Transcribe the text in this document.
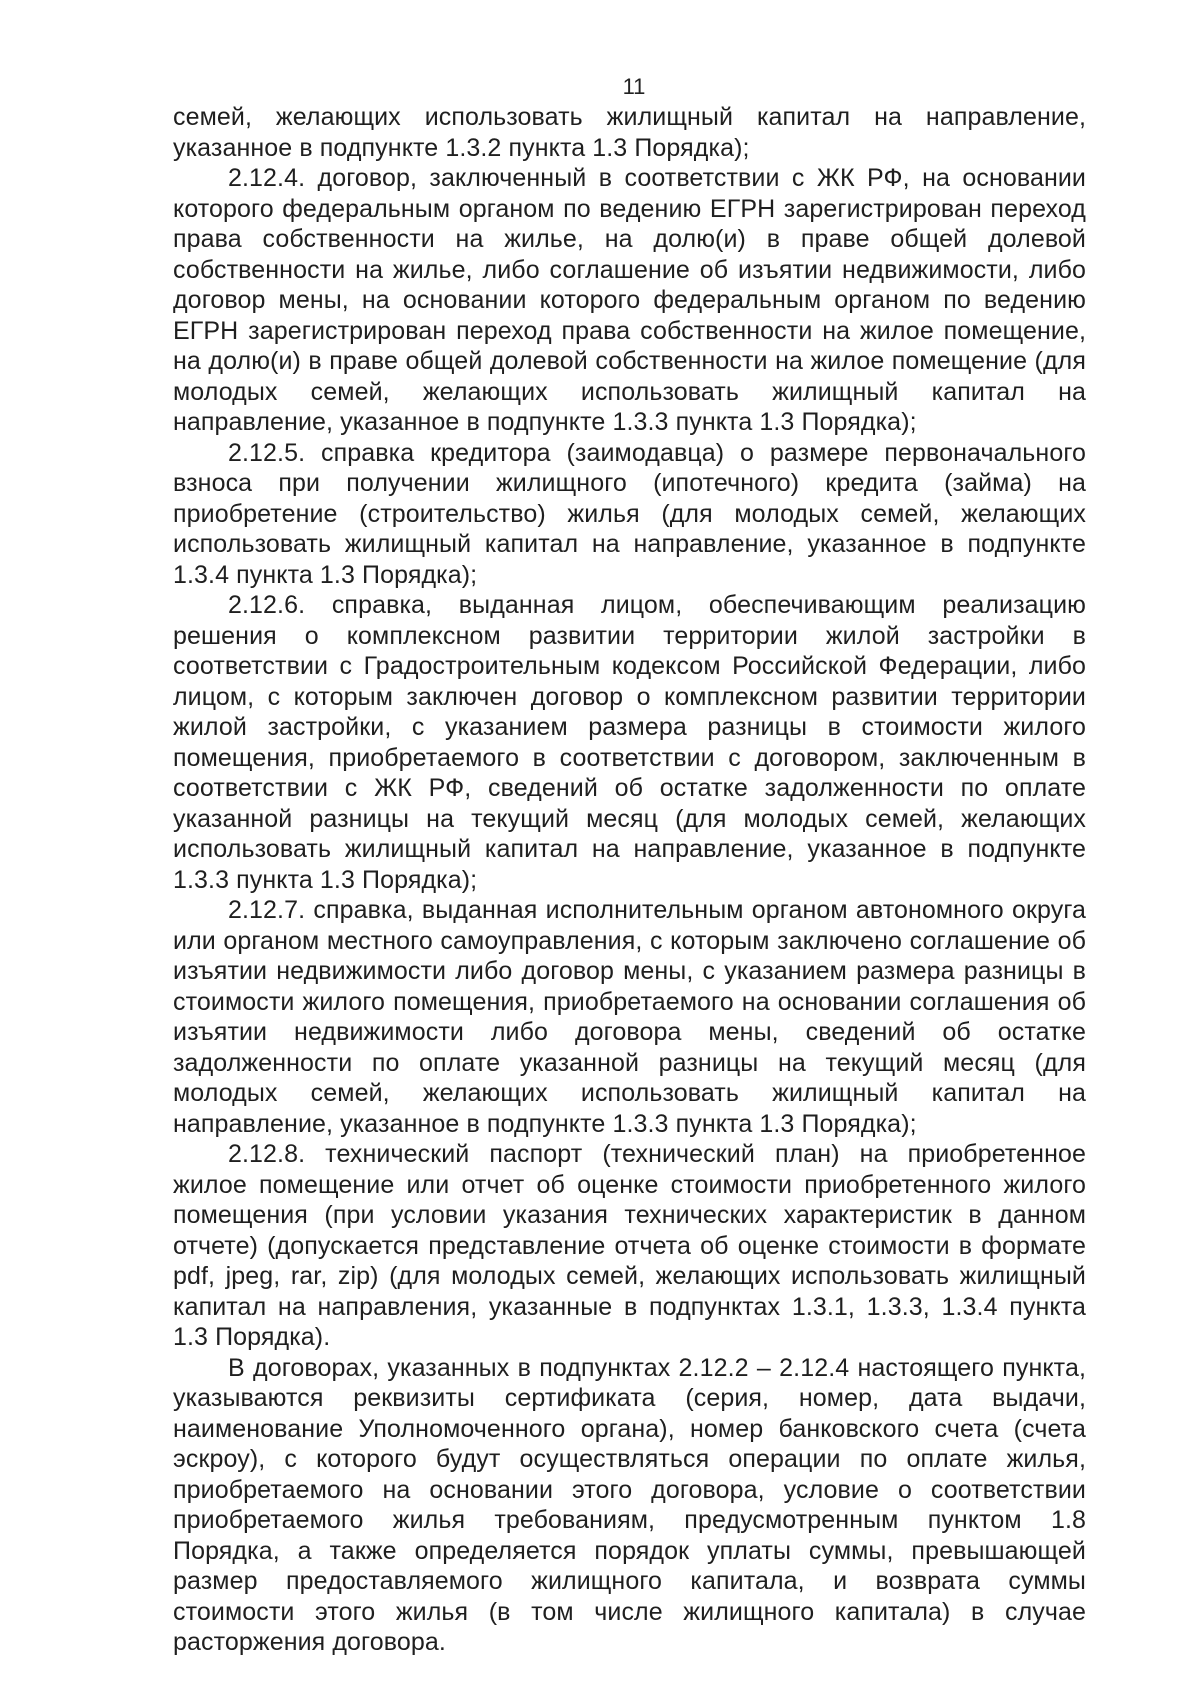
11

семей, желающих использовать жилищный капитал на направление, указанное в подпункте 1.3.2 пункта 1.3 Порядка);

2.12.4. договор, заключенный в соответствии с ЖК РФ, на основании которого федеральным органом по ведению ЕГРН зарегистрирован переход права собственности на жилье, на долю(и) в праве общей долевой собственности на жилье, либо соглашение об изъятии недвижимости, либо договор мены, на основании которого федеральным органом по ведению ЕГРН зарегистрирован переход права собственности на жилое помещение, на долю(и) в праве общей долевой собственности на жилое помещение (для молодых семей, желающих использовать жилищный капитал на направление, указанное в подпункте 1.3.3 пункта 1.3 Порядка);

2.12.5. справка кредитора (заимодавца) о размере первоначального взноса при получении жилищного (ипотечного) кредита (займа) на приобретение (строительство) жилья (для молодых семей, желающих использовать жилищный капитал на направление, указанное в подпункте 1.3.4 пункта 1.3 Порядка);

2.12.6. справка, выданная лицом, обеспечивающим реализацию решения о комплексном развитии территории жилой застройки в соответствии с Градостроительным кодексом Российской Федерации, либо лицом, с которым заключен договор о комплексном развитии территории жилой застройки, с указанием размера разницы в стоимости жилого помещения, приобретаемого в соответствии с договором, заключенным в соответствии с ЖК РФ, сведений об остатке задолженности по оплате указанной разницы на текущий месяц (для молодых семей, желающих использовать жилищный капитал на направление, указанное в подпункте 1.3.3 пункта 1.3 Порядка);

2.12.7. справка, выданная исполнительным органом автономного округа или органом местного самоуправления, с которым заключено соглашение об изъятии недвижимости либо договор мены, с указанием размера разницы в стоимости жилого помещения, приобретаемого на основании соглашения об изъятии недвижимости либо договора мены, сведений об остатке задолженности по оплате указанной разницы на текущий месяц (для молодых семей, желающих использовать жилищный капитал на направление, указанное в подпункте 1.3.3 пункта 1.3 Порядка);

2.12.8. технический паспорт (технический план) на приобретенное жилое помещение или отчет об оценке стоимости приобретенного жилого помещения (при условии указания технических характеристик в данном отчете) (допускается представление отчета об оценке стоимости в формате pdf, jpeg, rar, zip) (для молодых семей, желающих использовать жилищный капитал на направления, указанные в подпунктах 1.3.1, 1.3.3, 1.3.4 пункта 1.3 Порядка).

В договорах, указанных в подпунктах 2.12.2 – 2.12.4 настоящего пункта, указываются реквизиты сертификата (серия, номер, дата выдачи, наименование Уполномоченного органа), номер банковского счета (счета эскроу), с которого будут осуществляться операции по оплате жилья, приобретаемого на основании этого договора, условие о соответствии приобретаемого жилья требованиям, предусмотренным пунктом 1.8 Порядка, а также определяется порядок уплаты суммы, превышающей размер предоставляемого жилищного капитала, и возврата суммы стоимости этого жилья (в том числе жилищного капитала) в случае расторжения договора.
